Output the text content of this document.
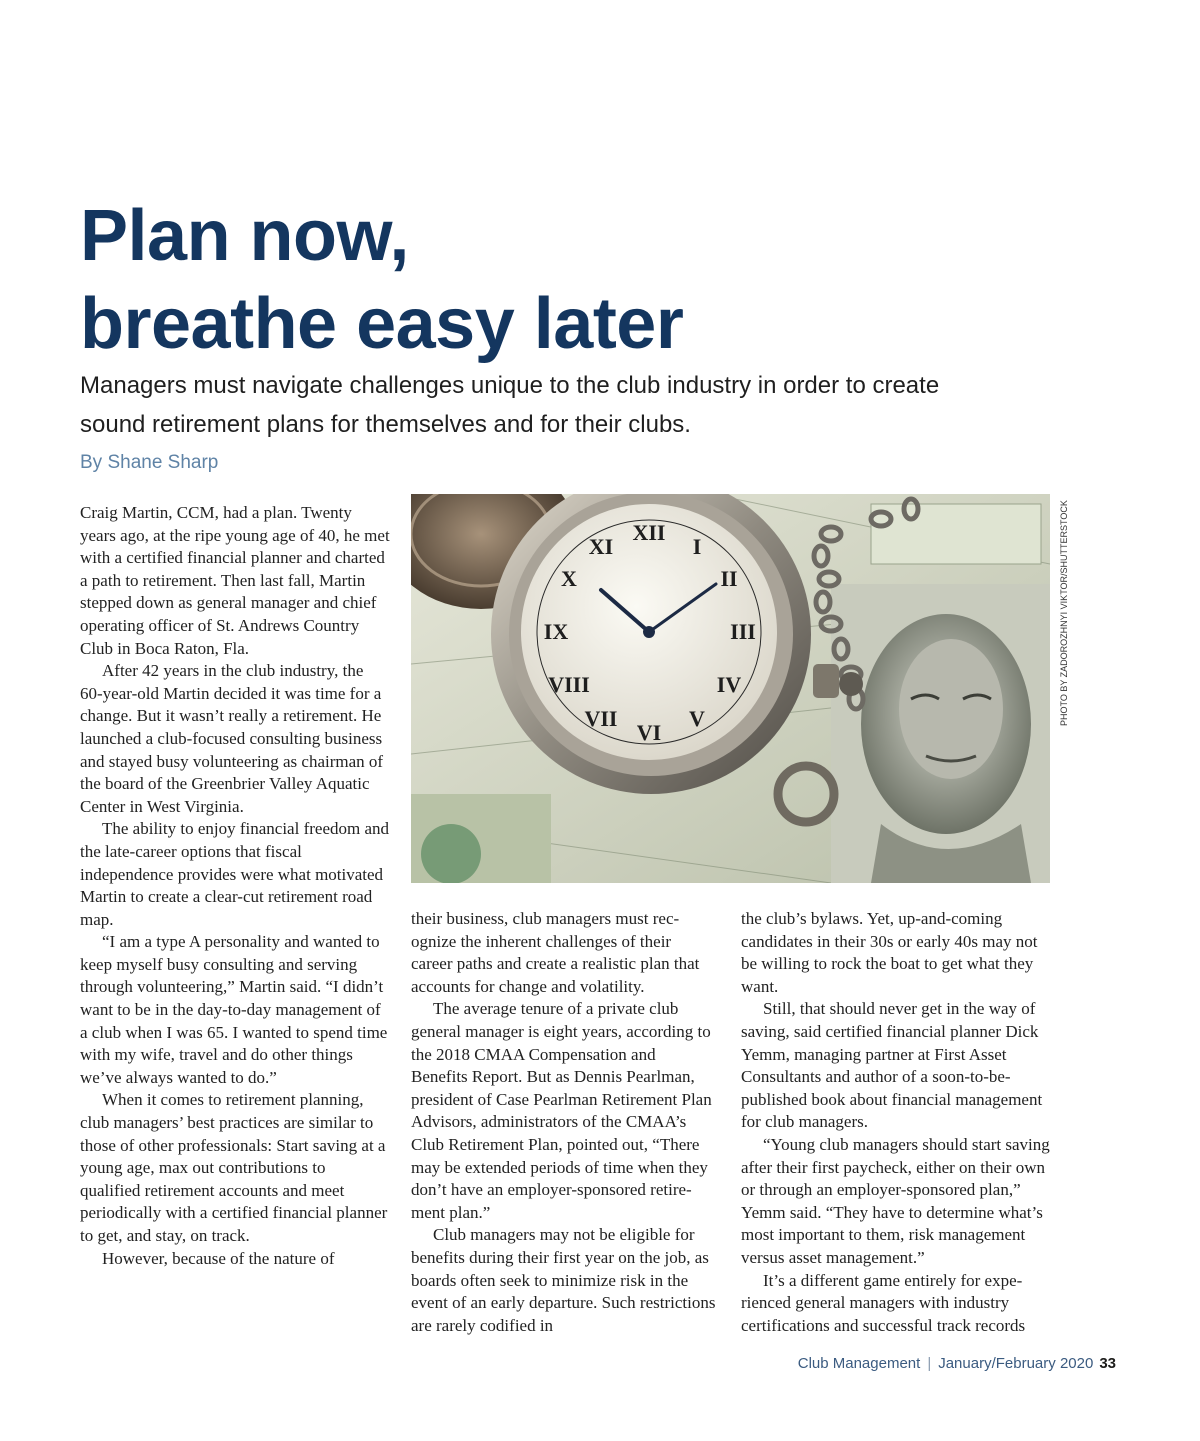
Plan now,
breathe easy later

Managers must navigate challenges unique to the club industry in order to create sound retirement plans for themselves and for their clubs.

By Shane Sharp

Craig Martin, CCM, had a plan. Twenty years ago, at the ripe young age of 40, he met with a certified financial planner and charted a path to retirement. Then last fall, Martin stepped down as general manager and chief operating officer of St. Andrews Country Club in Boca Raton, Fla.

After 42 years in the club industry, the 60-year-old Martin decided it was time for a change. But it wasn’t really a retirement. He launched a club-focused consulting business and stayed busy volunteering as chairman of the board of the Greenbrier Valley Aquatic Center in West Virginia.

The ability to enjoy financial freedom and the late-career options that fiscal independence provides were what motivated Martin to create a clear-cut retirement road map.

“I am a type A personality and wanted to keep myself busy consulting and serving through volunteering,” Martin said. “I didn’t want to be in the day-to-day management of a club when I was 65. I wanted to spend time with my wife, travel and do other things we’ve always wanted to do.”

When it comes to retirement planning, club managers’ best practices are similar to those of other professionals: Start saving at a young age, max out contributions to qualified retirement accounts and meet periodically with a certified financial planner to get, and stay, on track.

However, because of the nature of

XII
I
II
III
IV
V
VI
VII
VIII
IX
X
XI	PHOTO BY ZADOROZHNYI VIKTOR/SHUTTERSTOCK

their business, club managers must recognize the inherent challenges of their career paths and create a realistic plan that accounts for change and volatility.

The average tenure of a private club general manager is eight years, according to the 2018 CMAA Compensation and Benefits Report. But as Dennis Pearlman, president of Case Pearlman Retirement Plan Advisors, administrators of the CMAA’s Club Retirement Plan, pointed out, “There may be extended periods of time when they don’t have an employer-sponsored retirement plan.”

Club managers may not be eligible for benefits during their first year on the job, as boards often seek to minimize risk in the event of an early departure. Such restrictions are rarely codified in

the club’s bylaws. Yet, up-and-coming candidates in their 30s or early 40s may not be willing to rock the boat to get what they want.

Still, that should never get in the way of saving, said certified financial planner Dick Yemm, managing partner at First Asset Consultants and author of a soon-to-be-published book about financial management for club managers.

“Young club managers should start saving after their first paycheck, either on their own or through an employer-sponsored plan,” Yemm said. “They have to determine what’s most important to them, risk management versus asset management.”

It’s a different game entirely for experienced general managers with industry certifications and successful track records

Club Management | January/February 2020 33
